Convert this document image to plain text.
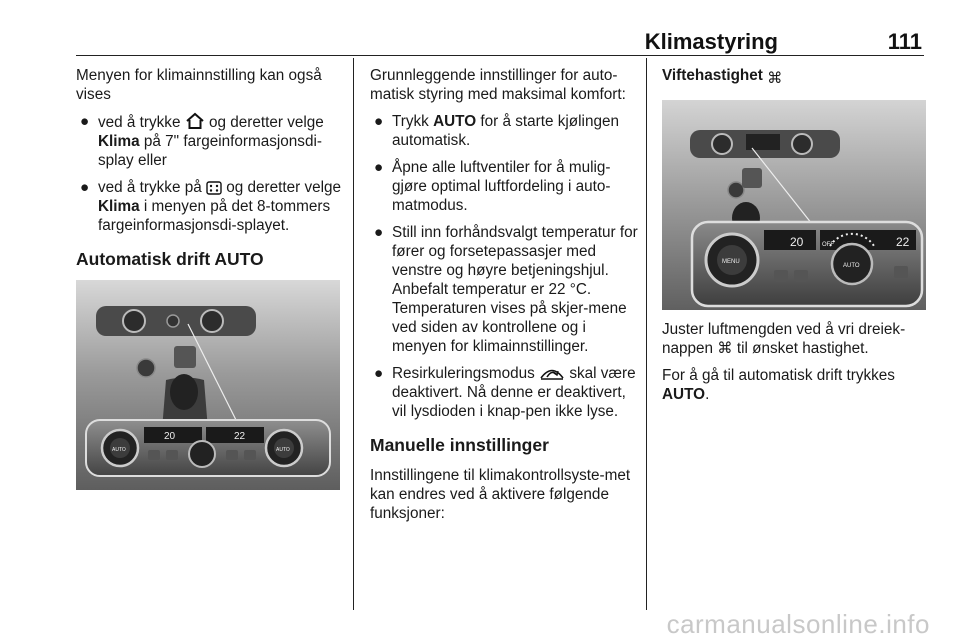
Klimastyring	111

Menyen for klimainnstilling kan også vises

● ved å trykke og deretter velge Klima på 7" fargeinformasjonsdi-splay eller
● ved å trykke på og deretter velge Klima i menyen på det 8-tommers fargeinformasjonsdi-splayet.
Automatisk drift AUTO
20	22
AUTO	AUTO

Grunnleggende innstillinger for auto-matisk styring med maksimal komfort:

● Trykk AUTO for å starte kjølingen automatisk.
● Åpne alle luftventiler for å mulig-gjøre optimal luftfordeling i auto-matmodus.
● Still inn forhåndsvalgt temperatur for fører og forsetepassasjer med venstre og høyre betjeningshjul. Anbefalt temperatur er 22 °C. Temperaturen vises på skjer-mene ved siden av kontrollene og i menyen for klimainnstillinger.
● Resirkuleringsmodus skal være deaktivert. Nå denne er deaktivert, vil lysdioden i knap-pen ikke lyse.
Manuelle innstillinger

Innstillingene til klimakontrollsyste-met kan endres ved å aktivere følgende funksjoner:

Viftehastighet ⌘
20	22
OFF
MENU
AUTO

Juster luftmengden ved å vri dreiek-nappen ⌘ til ønsket hastighet.

For å gå til automatisk drift trykkes AUTO.

carmanualsonline.info
